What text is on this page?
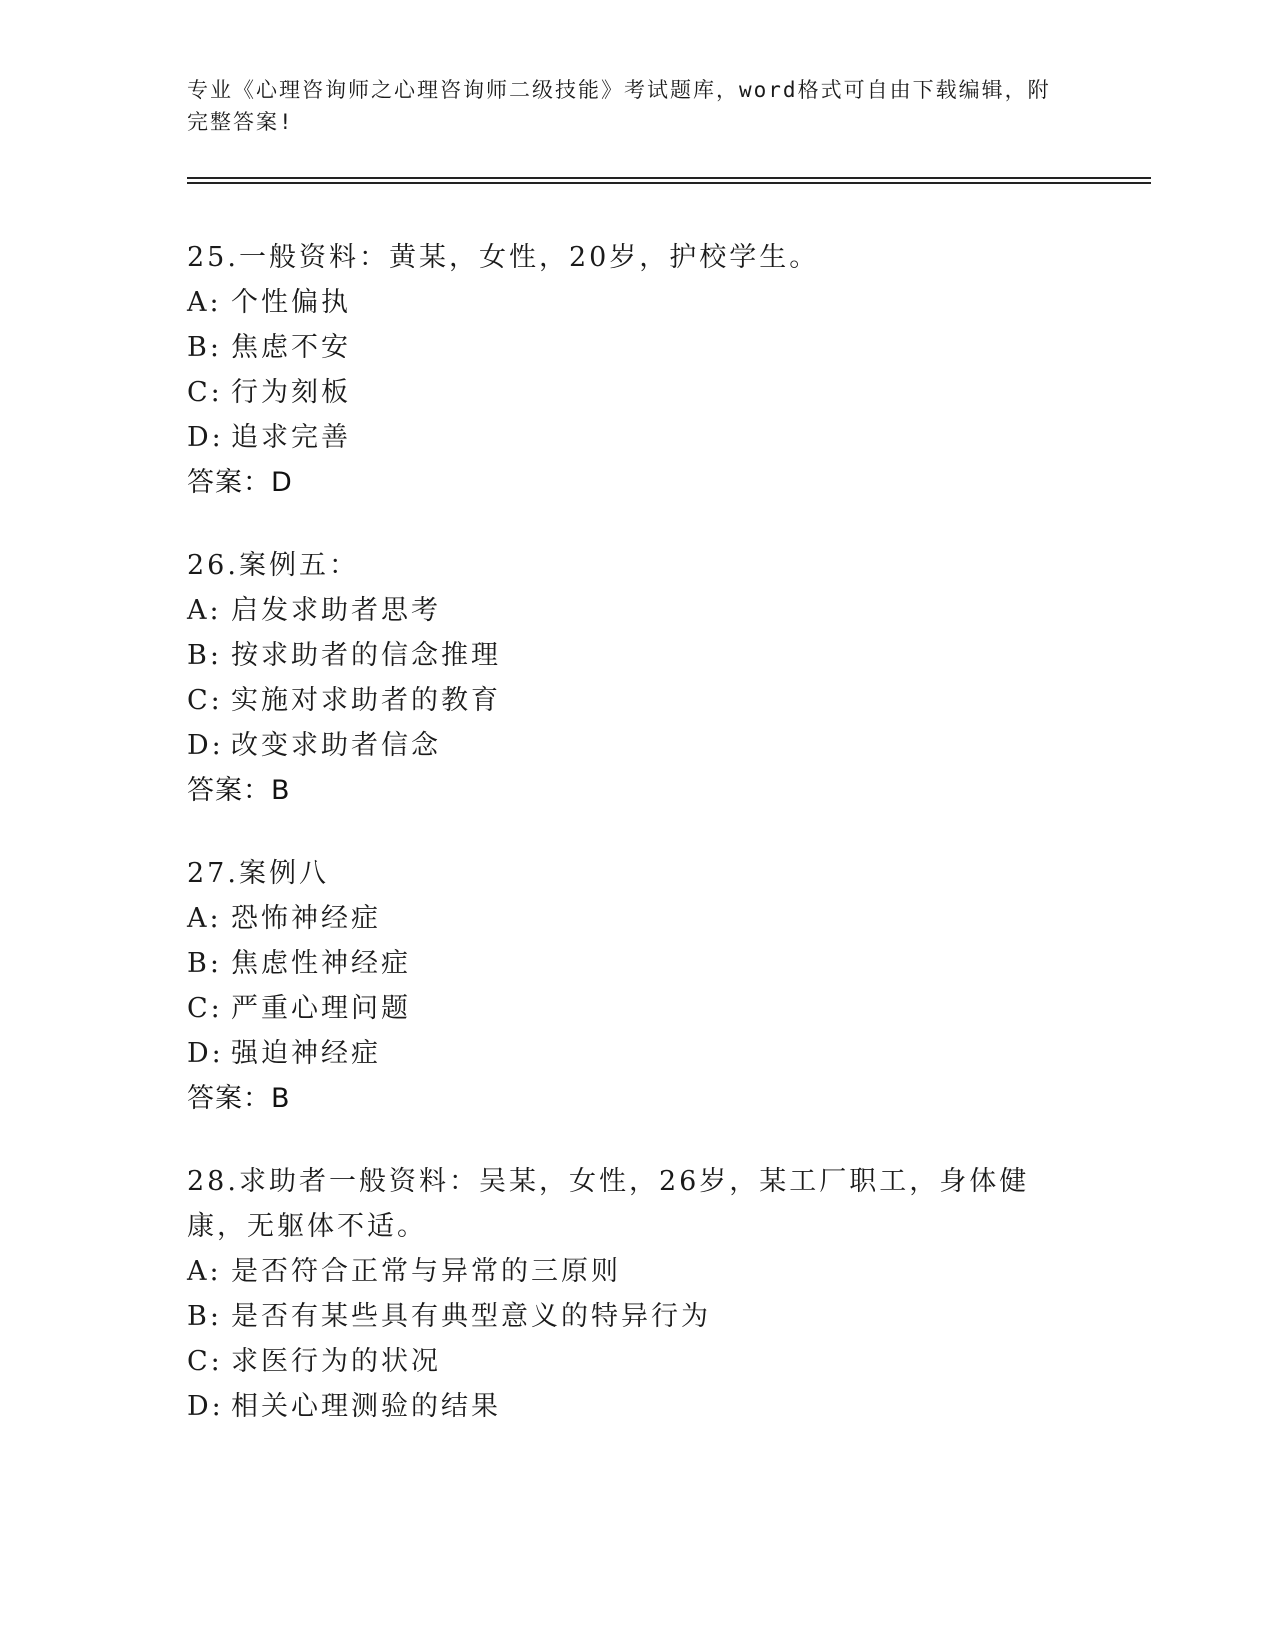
专业《心理咨询师之心理咨询师二级技能》考试题库，word格式可自由下载编辑，附完整答案!
25.一般资料：黄某，女性，20岁，护校学生。
A: 个性偏执
B: 焦虑不安
C: 行为刻板
D: 追求完善
答案：D
26.案例五：
A: 启发求助者思考
B: 按求助者的信念推理
C: 实施对求助者的教育
D: 改变求助者信念
答案：B
27.案例八
A: 恐怖神经症
B: 焦虑性神经症
C: 严重心理问题
D: 强迫神经症
答案：B
28.求助者一般资料：吴某，女性，26岁，某工厂职工，身体健康，无躯体不适。
A: 是否符合正常与异常的三原则
B: 是否有某些具有典型意义的特异行为
C: 求医行为的状况
D: 相关心理测验的结果
